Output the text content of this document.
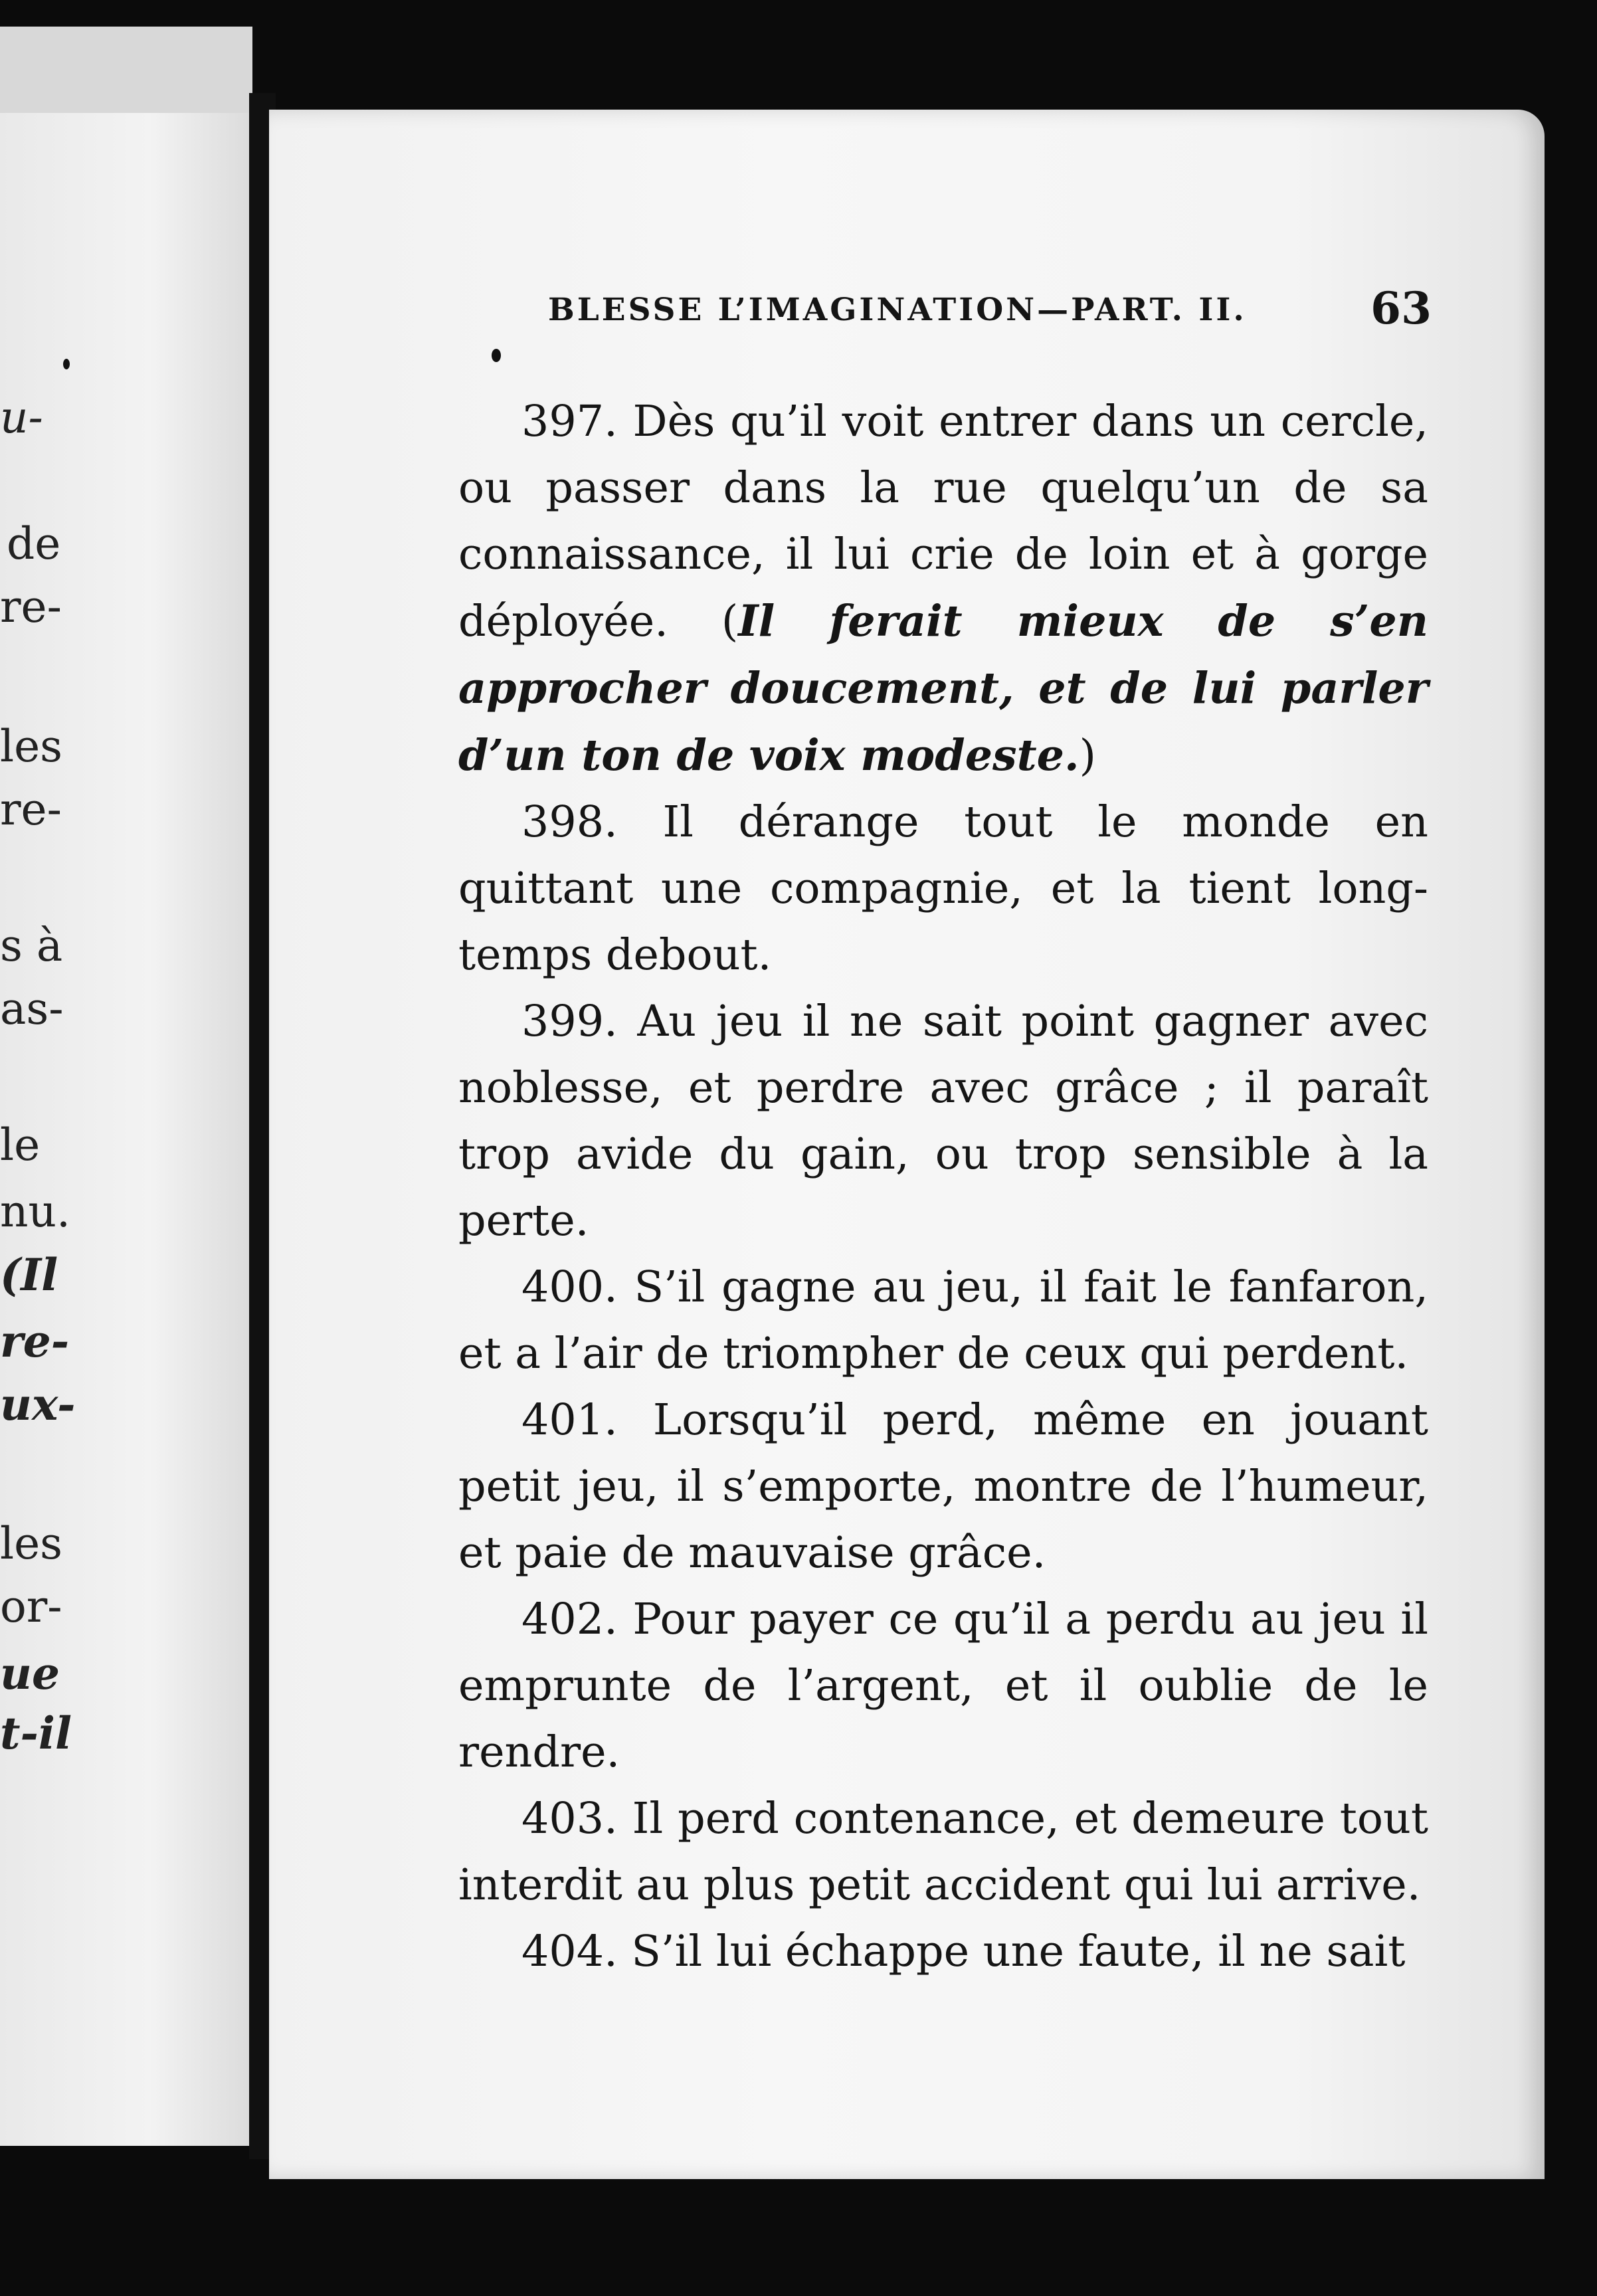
u-
de
re-
les
re-
s à
as-
le
nu.
(Il
re-
ux-
les
or-
ue
t-il
BLESSE L’IMAGINATION—PART. II.	63

397. Dès qu’il voit entrer dans un cercle, ou passer dans la rue quelqu’un de sa connaissance, il lui crie de loin et à gorge déployée. (Il ferait mieux de s’en approcher doucement, et de lui parler d’un ton de voix modeste.)

398. Il dérange tout le monde en quittant une compagnie, et la tient long-temps debout.

399. Au jeu il ne sait point gagner avec noblesse, et perdre avec grâce ; il paraît trop avide du gain, ou trop sensible à la perte.

400. S’il gagne au jeu, il fait le fanfaron, et a l’air de triompher de ceux qui perdent.

401. Lorsqu’il perd, même en jouant petit jeu, il s’emporte, montre de l’humeur, et paie de mauvaise grâce.

402. Pour payer ce qu’il a perdu au jeu il emprunte de l’argent, et il oublie de le rendre.

403. Il perd contenance, et demeure tout interdit au plus petit accident qui lui arrive.

404. S’il lui échappe une faute, il ne sait
